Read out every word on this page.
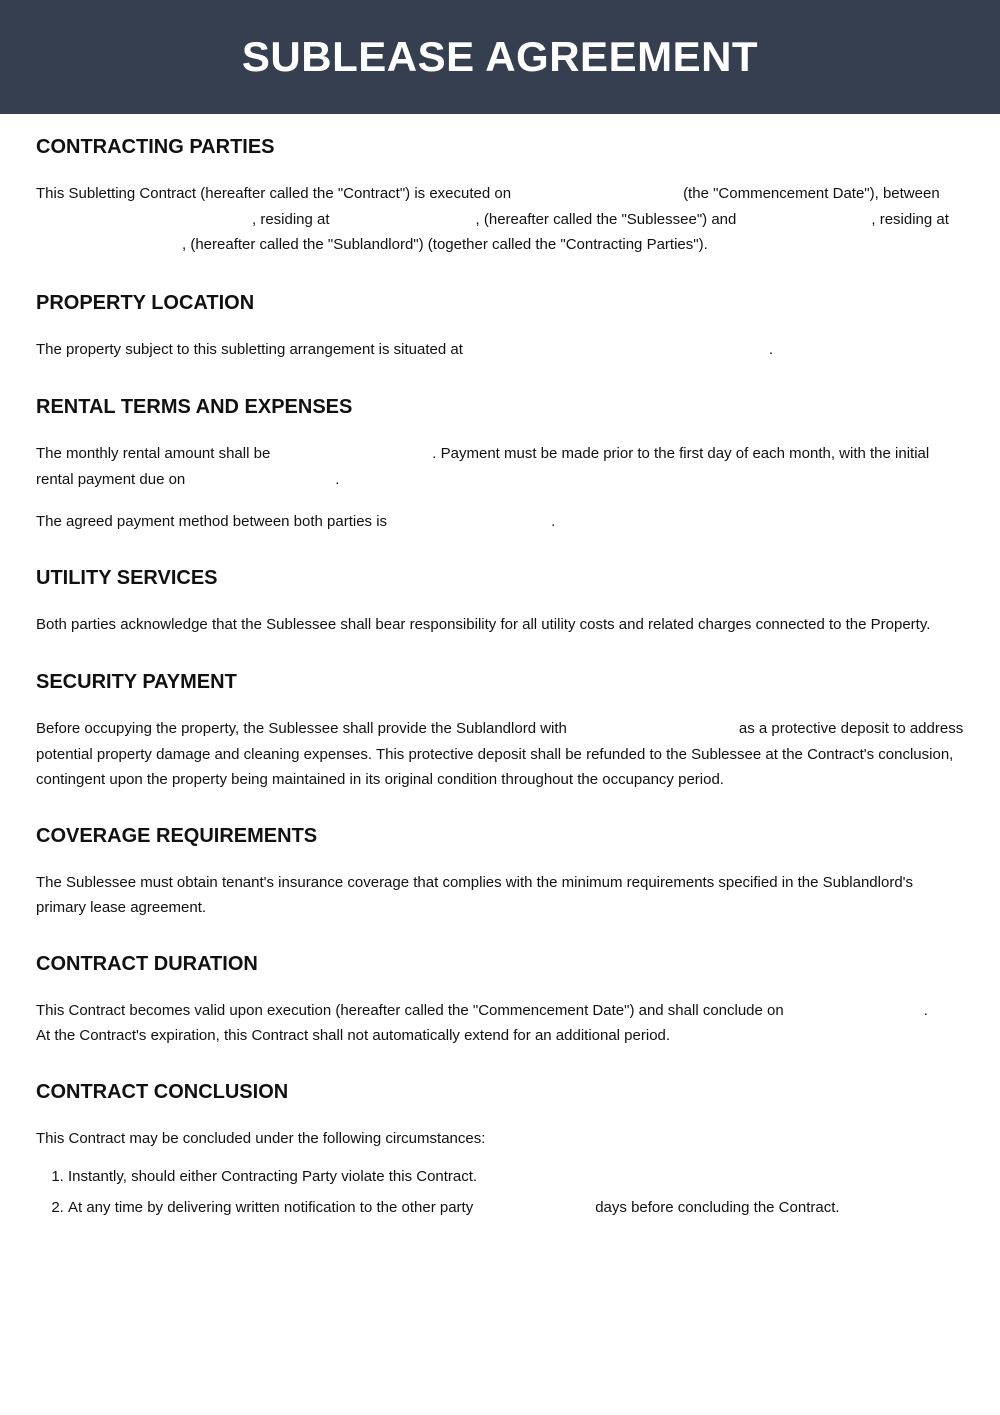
SUBLEASE AGREEMENT
CONTRACTING PARTIES

This Subletting Contract (hereafter called the "Contract") is executed on	(the "Commencement Date"), between, residing at	, (hereafter called the "Sublessee") and	, residing at, (hereafter called the "Sublandlord") (together called the "Contracting Parties").

PROPERTY LOCATION

The property subject to this subletting arrangement is situated at	.

RENTAL TERMS AND EXPENSES

The monthly rental amount shall be	. Payment must be made prior to the first day of each month, with the initial rental payment due on	.

The agreed payment method between both parties is	.

UTILITY SERVICES

Both parties acknowledge that the Sublessee shall bear responsibility for all utility costs and related charges connected to the Property.

SECURITY PAYMENT

Before occupying the property, the Sublessee shall provide the Sublandlord with	as a protective deposit to address potential property damage and cleaning expenses. This protective deposit shall be refunded to the Sublessee at the Contract's conclusion, contingent upon the property being maintained in its original condition throughout the occupancy period.

COVERAGE REQUIREMENTS

The Sublessee must obtain tenant's insurance coverage that complies with the minimum requirements specified in the Sublandlord's primary lease agreement.

CONTRACT DURATION

This Contract becomes valid upon execution (hereafter called the "Commencement Date") and shall conclude on	.

At the Contract's expiration, this Contract shall not automatically extend for an additional period.

CONTRACT CONCLUSION

This Contract may be concluded under the following circumstances:

1. Instantly, should either Contracting Party violate this Contract.
2. At any time by delivering written notification to the other party	days before concluding the Contract.
